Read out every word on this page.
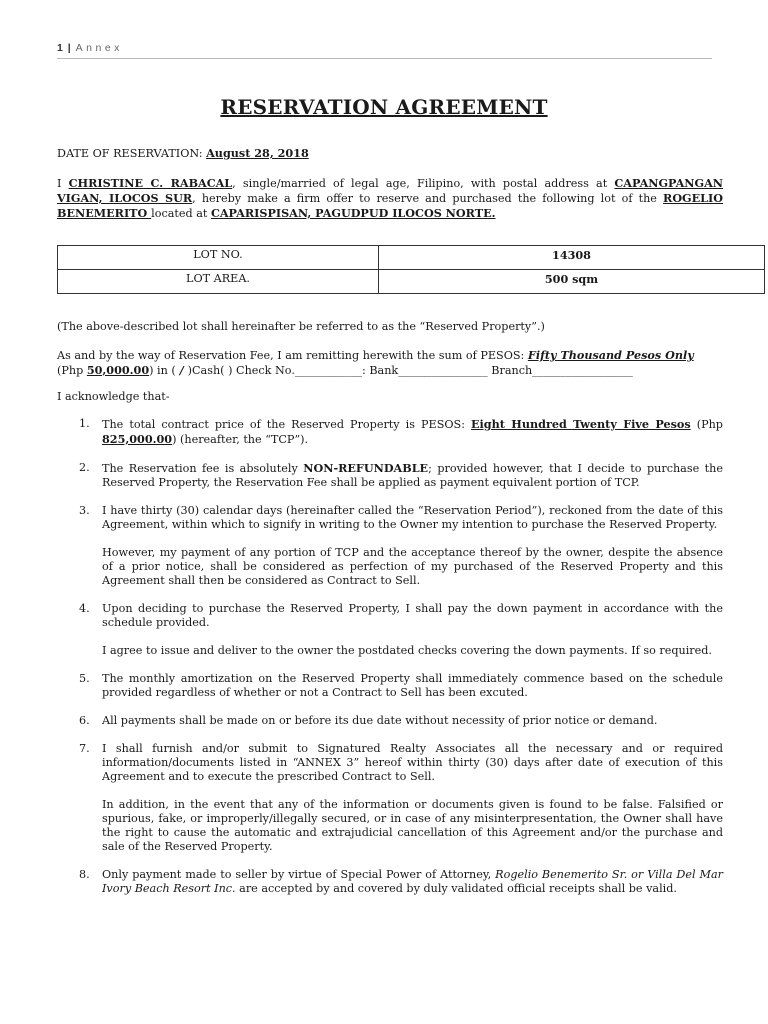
1 | Annex
RESERVATION AGREEMENT
DATE OF RESERVATION: August 28, 2018
I CHRISTINE C. RABACAL, single/married of legal age, Filipino, with postal address at CAPANGPANGAN VIGAN, ILOCOS SUR, hereby make a firm offer to reserve and purchased the following lot of the ROGELIO BENEMERITO located at CAPARISPISAN, PAGUDPUD ILOCOS NORTE.
LOT NO.	14308
LOT AREA.	500 sqm
(The above-described lot shall hereinafter be referred to as the “Reserved Property”.)
As and by the way of Reservation Fee, I am remitting herewith the sum of PESOS: Fifty Thousand Pesos Only
(Php 50,000.00) in ( / )Cash( ) Check No.____________: Bank________________ Branch__________________
I acknowledge that-
1. The total contract price of the Reserved Property is PESOS: Eight Hundred Twenty Five Pesos (Php 825,000.00) (hereafter, the “TCP”).
2. The Reservation fee is absolutely NON-REFUNDABLE; provided however, that I decide to purchase the Reserved Property, the Reservation Fee shall be applied as payment equivalent portion of TCP.
3. I have thirty (30) calendar days (hereinafter called the “Reservation Period”), reckoned from the date of this Agreement, within which to signify in writing to the Owner my intention to purchase the Reserved Property.
However, my payment of any portion of TCP and the acceptance thereof by the owner, despite the absence of a prior notice, shall be considered as perfection of my purchased of the Reserved Property and this Agreement shall then be considered as Contract to Sell.
4. Upon deciding to purchase the Reserved Property, I shall pay the down payment in accordance with the schedule provided.
I agree to issue and deliver to the owner the postdated checks covering the down payments. If so required.
5. The monthly amortization on the Reserved Property shall immediately commence based on the schedule provided regardless of whether or not a Contract to Sell has been excuted.
6. All payments shall be made on or before its due date without necessity of prior notice or demand.
7. I shall furnish and/or submit to Signatured Realty Associates all the necessary and or required information/documents listed in “ANNEX 3” hereof within thirty (30) days after date of execution of this Agreement and to execute the prescribed Contract to Sell.
In addition, in the event that any of the information or documents given is found to be false. Falsified or spurious, fake, or improperly/illegally secured, or in case of any misinterpresentation, the Owner shall have the right to cause the automatic and extrajudicial cancellation of this Agreement and/or the purchase and sale of the Reserved Property.
8. Only payment made to seller by virtue of Special Power of Attorney, Rogelio Benemerito Sr. or Villa Del Mar Ivory Beach Resort Inc. are accepted by and covered by duly validated official receipts shall be valid.
